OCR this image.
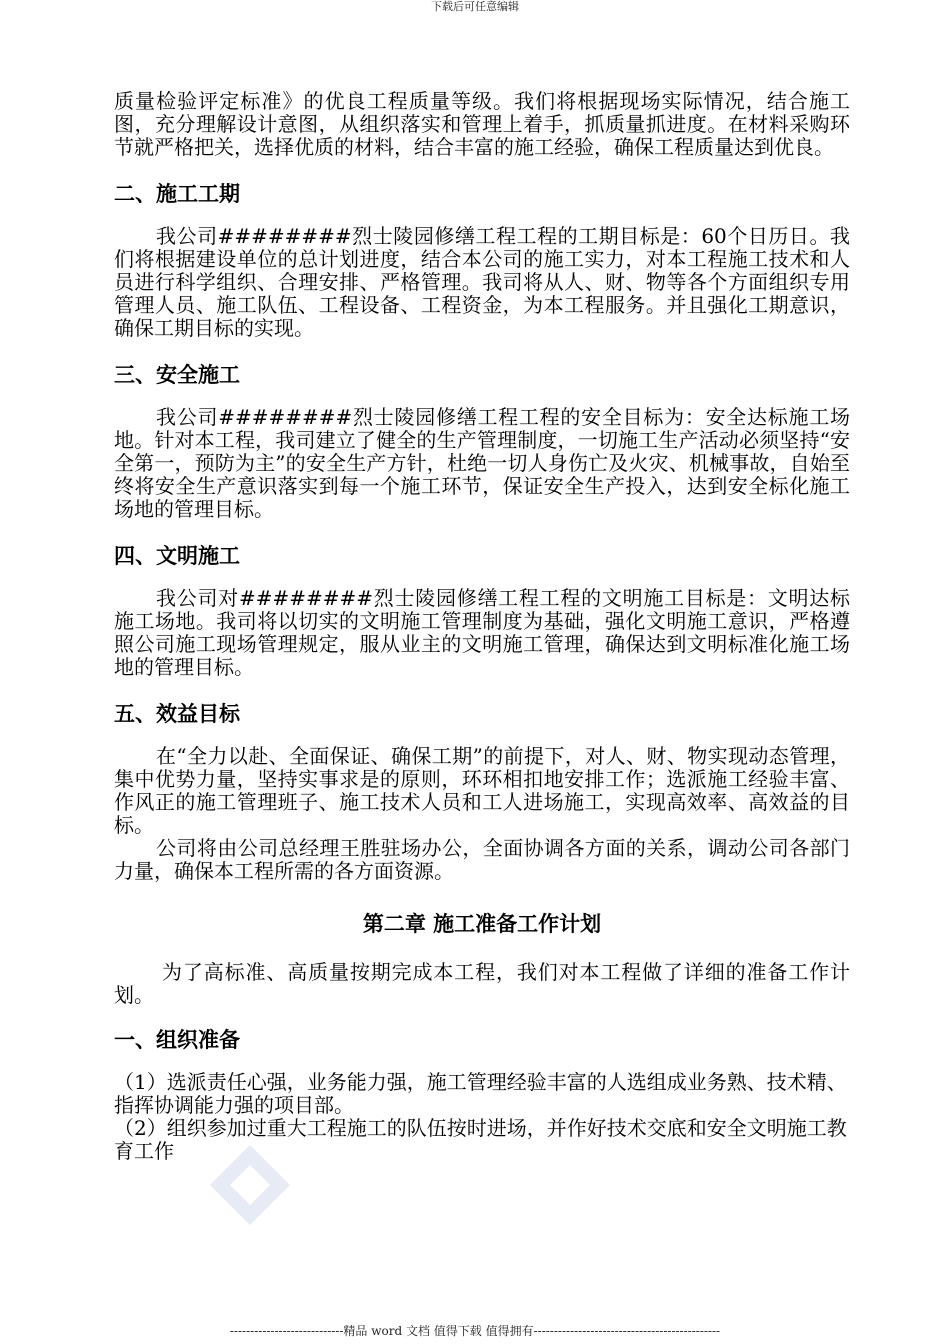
下载后可任意编辑

质量检验评定标准》的优良工程质量等级。我们将根据现场实际情况，结合施工图，充分理解设计意图，从组织落实和管理上着手，抓质量抓进度。在材料采购环节就严格把关，选择优质的材料，结合丰富的施工经验，确保工程质量达到优良。

二、施工工期

我公司########烈士陵园修缮工程工程的工期目标是：60个日历日。我们将根据建设单位的总计划进度，结合本公司的施工实力，对本工程施工技术和人员进行科学组织、合理安排、严格管理。我司将从人、财、物等各个方面组织专用管理人员、施工队伍、工程设备、工程资金，为本工程服务。并且强化工期意识，确保工期目标的实现。

三、安全施工

我公司########烈士陵园修缮工程工程的安全目标为：安全达标施工场地。针对本工程，我司建立了健全的生产管理制度，一切施工生产活动必须坚持“安全第一，预防为主”的安全生产方针，杜绝一切人身伤亡及火灾、机械事故，自始至终将安全生产意识落实到每一个施工环节，保证安全生产投入，达到安全标化施工场地的管理目标。

四、文明施工

我公司对########烈士陵园修缮工程工程的文明施工目标是：文明达标施工场地。我司将以切实的文明施工管理制度为基础，强化文明施工意识，严格遵照公司施工现场管理规定，服从业主的文明施工管理，确保达到文明标准化施工场地的管理目标。

五、效益目标

在“全力以赴、全面保证、确保工期”的前提下，对人、财、物实现动态管理，集中优势力量，坚持实事求是的原则，环环相扣地安排工作；选派施工经验丰富、作风正的施工管理班子、施工技术人员和工人进场施工，实现高效率、高效益的目标。

公司将由公司总经理王胜驻场办公，全面协调各方面的关系，调动公司各部门力量，确保本工程所需的各方面资源。

第二章 施工准备工作计划

为了高标准、高质量按期完成本工程，我们对本工程做了详细的准备工作计划。

一、组织准备

（1）选派责任心强，业务能力强，施工管理经验丰富的人选组成业务熟、技术精、指挥协调能力强的项目部。

（2）组织参加过重大工程施工的队伍按时进场，并作好技术交底和安全文明施工教育工作

----------------------------精品 word 文档 值得下载 值得拥有----------------------------------------------
